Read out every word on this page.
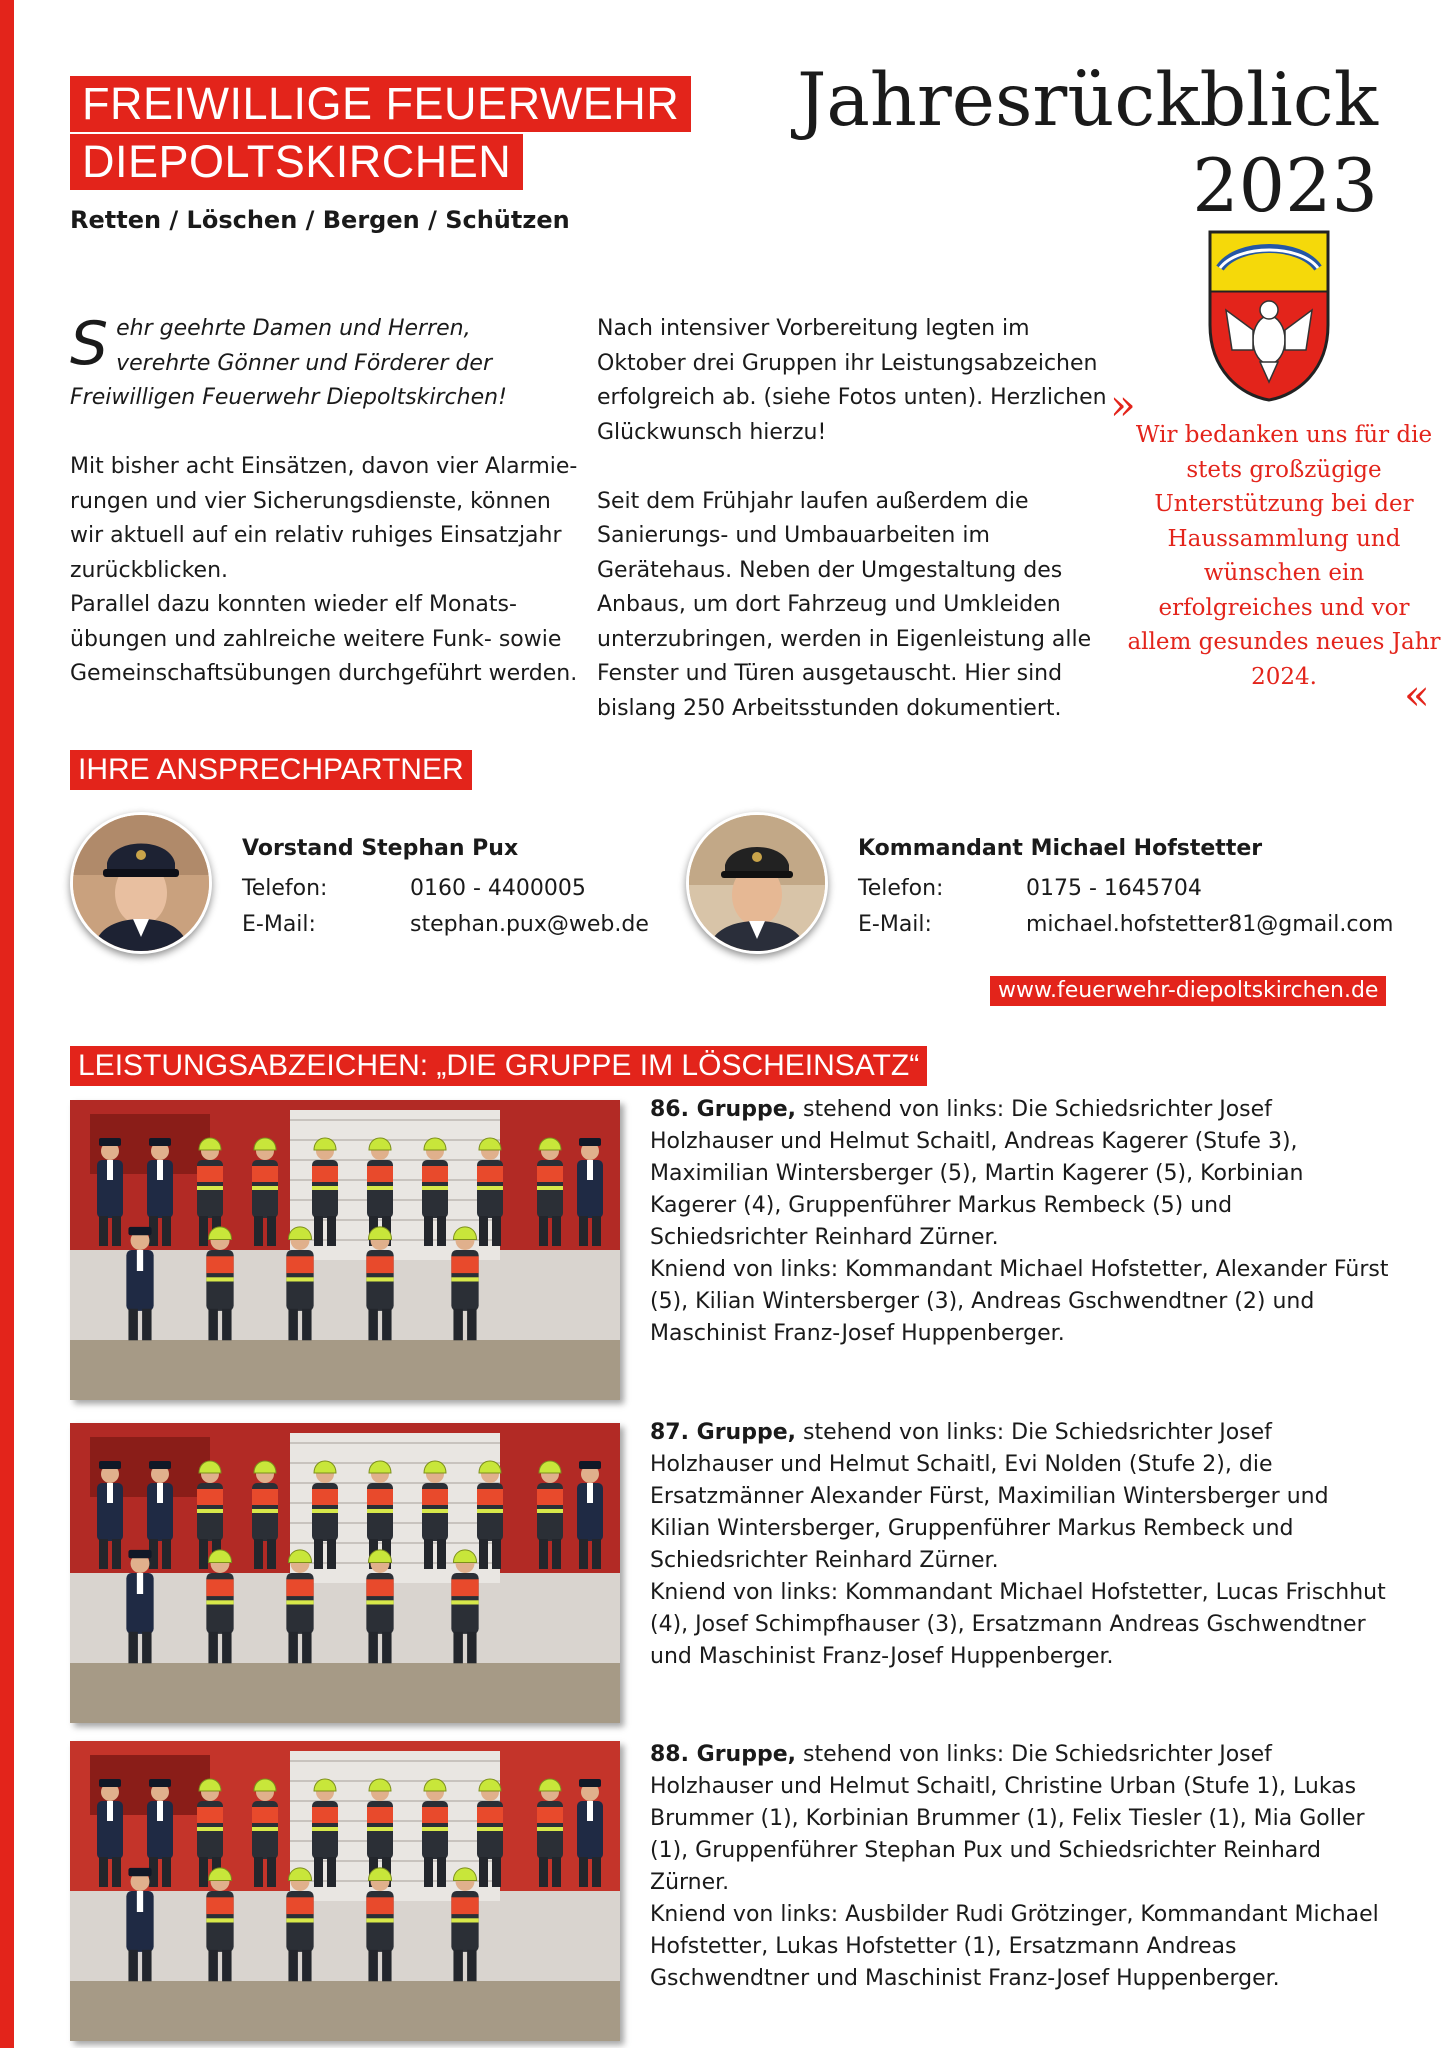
FREIWILLIGE FEUERWEHR
DIEPOLTSKIRCHEN
Retten / Löschen / Bergen / Schützen
Jahresrückblick
2023
»
Wir bedanken uns für die stets großzügige Unterstützung bei der Haussammlung und wünschen ein erfolgreiches und vor allem gesundes neues Jahr 2024.	«

S ehr geehrte Damen und Herren,
verehrte Gönner und Förderer der
Freiwilligen Feuerwehr Diepoltskirchen!

Mit bisher acht Einsätzen, davon vier Alarmie-rungen und vier Sicherungsdienste, können wir aktuell auf ein relativ ruhiges Einsatzjahr zurückblicken.

Parallel dazu konnten wieder elf Monats-übungen und zahlreiche weitere Funk- sowie Gemeinschaftsübungen durchgeführt werden.

Nach intensiver Vorbereitung legten im Oktober drei Gruppen ihr Leistungsabzeichen erfolgreich ab. (siehe Fotos unten). Herzlichen Glückwunsch hierzu!

Seit dem Frühjahr laufen außerdem die Sanierungs- und Umbauarbeiten im Gerätehaus. Neben der Umgestaltung des Anbaus, um dort Fahrzeug und Umkleiden unterzubringen, werden in Eigenleistung alle Fenster und Türen ausgetauscht. Hier sind bislang 250 Arbeitsstunden dokumentiert.

IHRE ANSPRECHPARTNER
Vorstand Stephan Pux
Telefon:	0160 - 4400005
E-Mail:	stephan.pux@web.de
Kommandant Michael Hofstetter
Telefon:	0175 - 1645704
E-Mail:	michael.hofstetter81@gmail.com
www.feuerwehr-diepoltskirchen.de
LEISTUNGSABZEICHEN: „DIE GRUPPE IM LÖSCHEINSATZ“

86. Gruppe, stehend von links: Die Schiedsrichter Josef Holzhauser und Helmut Schaitl, Andreas Kagerer (Stufe 3), Maximilian Wintersberger (5), Martin Kagerer (5), Korbinian Kagerer (4), Gruppenführer Markus Rembeck (5) und Schiedsrichter Reinhard Zürner.

Kniend von links: Kommandant Michael Hofstetter, Alexander Fürst (5), Kilian Wintersberger (3), Andreas Gschwendtner (2) und Maschinist Franz-Josef Huppenberger.

87. Gruppe, stehend von links: Die Schiedsrichter Josef Holzhauser und Helmut Schaitl, Evi Nolden (Stufe 2), die Ersatzmänner Alexander Fürst, Maximilian Wintersberger und Kilian Wintersberger, Gruppenführer Markus Rembeck und Schiedsrichter Reinhard Zürner.

Kniend von links: Kommandant Michael Hofstetter, Lucas Frischhut (4), Josef Schimpfhauser (3), Ersatzmann Andreas Gschwendtner und Maschinist Franz-Josef Huppenberger.

88. Gruppe, stehend von links: Die Schiedsrichter Josef Holzhauser und Helmut Schaitl, Christine Urban (Stufe 1), Lukas Brummer (1), Korbinian Brummer (1), Felix Tiesler (1), Mia Goller (1), Gruppenführer Stephan Pux und Schiedsrichter Reinhard Zürner.

Kniend von links: Ausbilder Rudi Grötzinger, Kommandant Michael Hofstetter, Lukas Hofstetter (1), Ersatzmann Andreas Gschwendtner und Maschinist Franz-Josef Huppenberger.
